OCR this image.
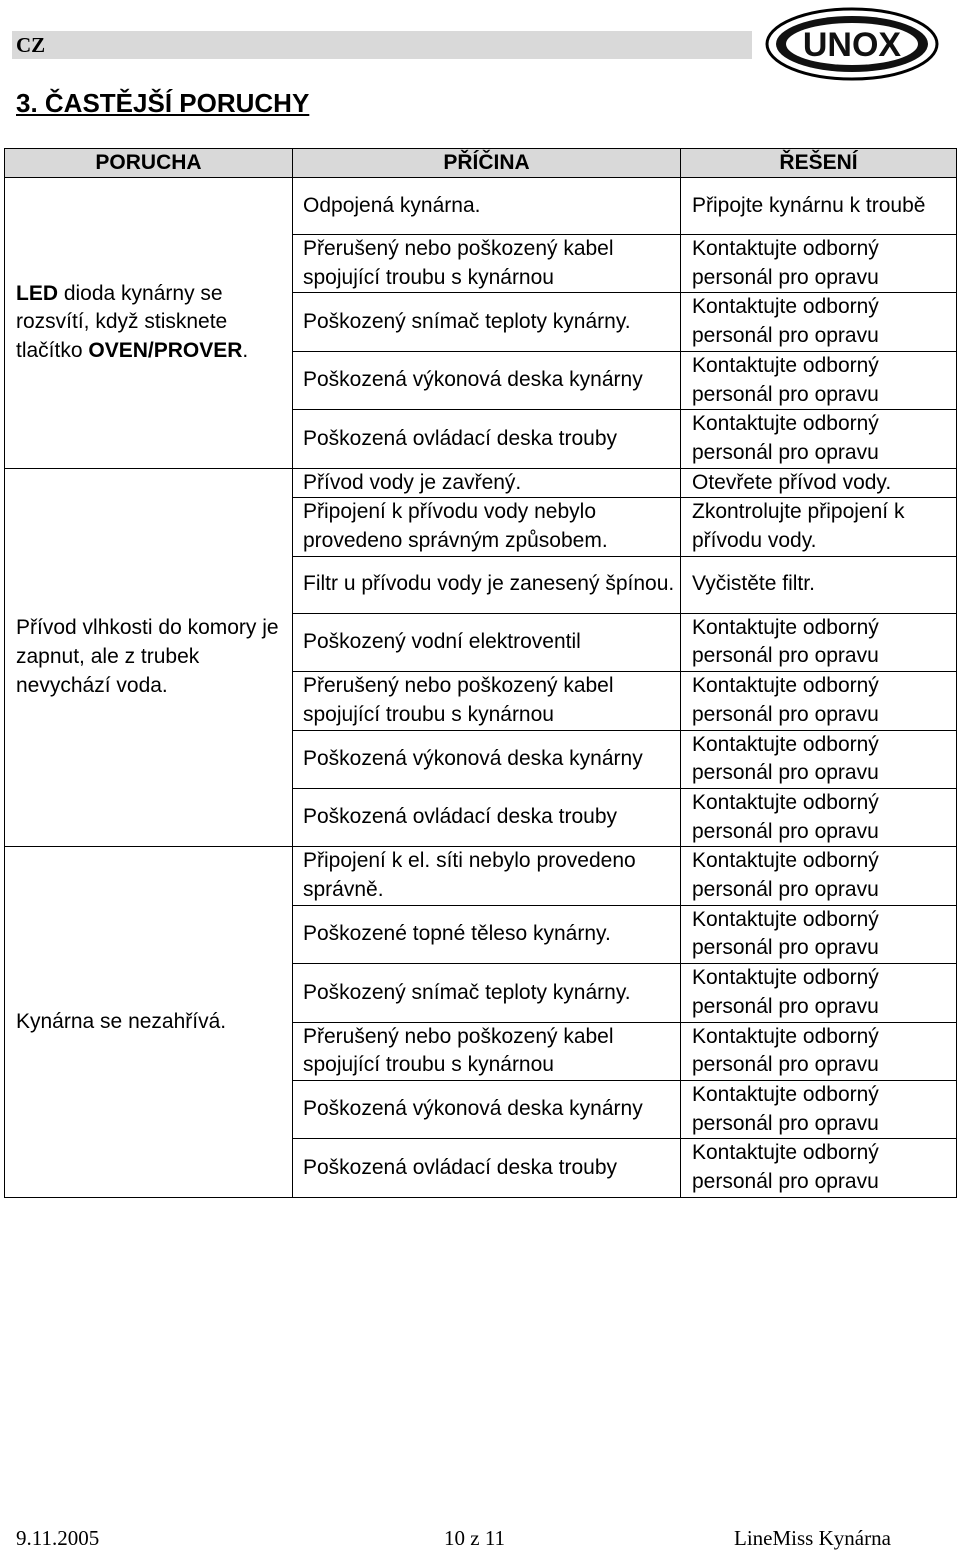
CZ	UNOX
3. ČASTĚJŠÍ PORUCHY
PORUCHA	PŘÍČINA	ŘEŠENÍ

LED dioda kynárny se rozsvítí, když stisknete tlačítko OVEN/PROVER.	Odpojená kynárna.	Připojte kynárnu k troubě

	Přerušený nebo poškozený kabel spojující troubu s kynárnou	Kontaktujte odborný personál pro opravu

	Poškozený snímač teploty kynárny.	Kontaktujte odborný personál pro opravu

	Poškozená výkonová deska kynárny	Kontaktujte odborný personál pro opravu

	Poškozená ovládací deska trouby	Kontaktujte odborný personál pro opravu

Přívod vlhkosti do komory je zapnut, ale z trubek nevychází voda.	Přívod vody je zavřený.	Otevřete přívod vody.

	Připojení k přívodu vody nebylo provedeno správným způsobem.	Zkontrolujte připojení k přívodu vody.

	Filtr u přívodu vody je zanesený špínou.	Vyčistěte filtr.

	Poškozený vodní elektroventil	Kontaktujte odborný personál pro opravu

	Přerušený nebo poškozený kabel spojující troubu s kynárnou	Kontaktujte odborný personál pro opravu

	Poškozená výkonová deska kynárny	Kontaktujte odborný personál pro opravu

	Poškozená ovládací deska trouby	Kontaktujte odborný personál pro opravu

Kynárna se nezahřívá.	Připojení k el. síti nebylo provedeno správně.	Kontaktujte odborný personál pro opravu

	Poškozené topné těleso kynárny.	Kontaktujte odborný personál pro opravu

	Poškozený snímač teploty kynárny.	Kontaktujte odborný personál pro opravu

	Přerušený nebo poškozený kabel spojující troubu s kynárnou	Kontaktujte odborný personál pro opravu

	Poškozená výkonová deska kynárny	Kontaktujte odborný personál pro opravu

	Poškozená ovládací deska trouby	Kontaktujte odborný personál pro opravu
9.11.2005	10 z 11	LineMiss Kynárna
